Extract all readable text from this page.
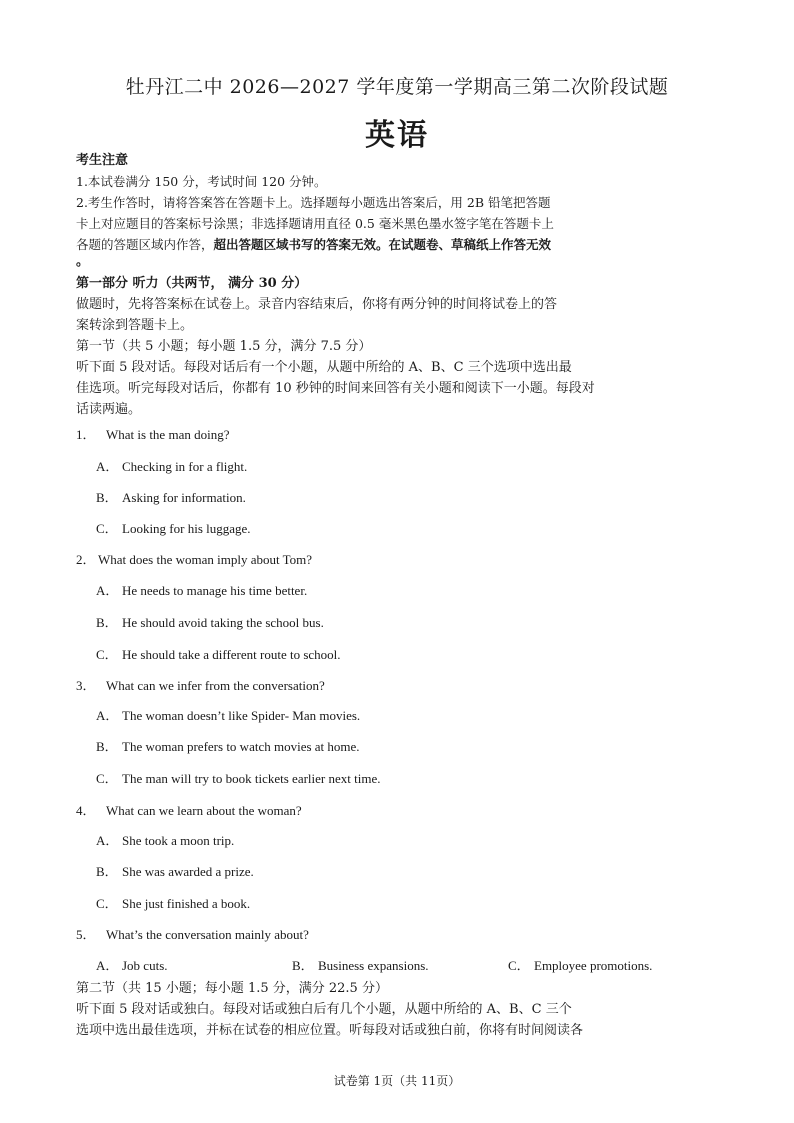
牡丹江二中 2026—2027 学年度第一学期高三第二次阶段试题
英语
考生注意
1.本试卷满分 150 分，考试时间 120 分钟。
2.考生作答时，请将答案答在答题卡上。选择题每小题选出答案后，用 2B 铅笔把答题
卡上对应题目的答案标号涂黑；非选择题请用直径 0.5 毫米黑色墨水签字笔在答题卡上
各题的答题区域内作答，超出答题区域书写的答案无效。在试题卷、草稿纸上作答无效
。
第一部分 听力（共两节， 满分 30 分）
做题时，先将答案标在试卷上。录音内容结束后，你将有两分钟的时间将试卷上的答
案转涂到答题卡上。
第一节（共 5 小题；每小题 1.5 分，满分 7.5 分）
听下面 5 段对话。每段对话后有一个小题，从题中所给的 A、B、C 三个选项中选出最
佳选项。听完每段对话后，你都有 10 秒钟的时间来回答有关小题和阅读下一小题。每段对
话读两遍。
1． What is the man doing?
A． Checking in for a flight.
B． Asking for information.
C． Looking for his luggage.
2． What does the woman imply about Tom?
A． He needs to manage his time better.
B． He should avoid taking the school bus.
C． He should take a different route to school.
3． What can we infer from the conversation?
A． The woman doesn’t like Spider- Man movies.
B． The woman prefers to watch movies at home.
C． The man will try to book tickets earlier next time.
4． What can we learn about the woman?
A． She took a moon trip.
B． She was awarded a prize.
C． She just finished a book.
5． What’s the conversation mainly about?
A． Job cuts.	B． Business expansions.	C． Employee promotions.
第二节（共 15 小题；每小题 1.5 分，满分 22.5 分）
听下面 5 段对话或独白。每段对话或独白后有几个小题，从题中所给的 A、B、C 三个
选项中选出最佳选项，并标在试卷的相应位置。听每段对话或独白前，你将有时间阅读各
试卷第 1页（共 11页）
